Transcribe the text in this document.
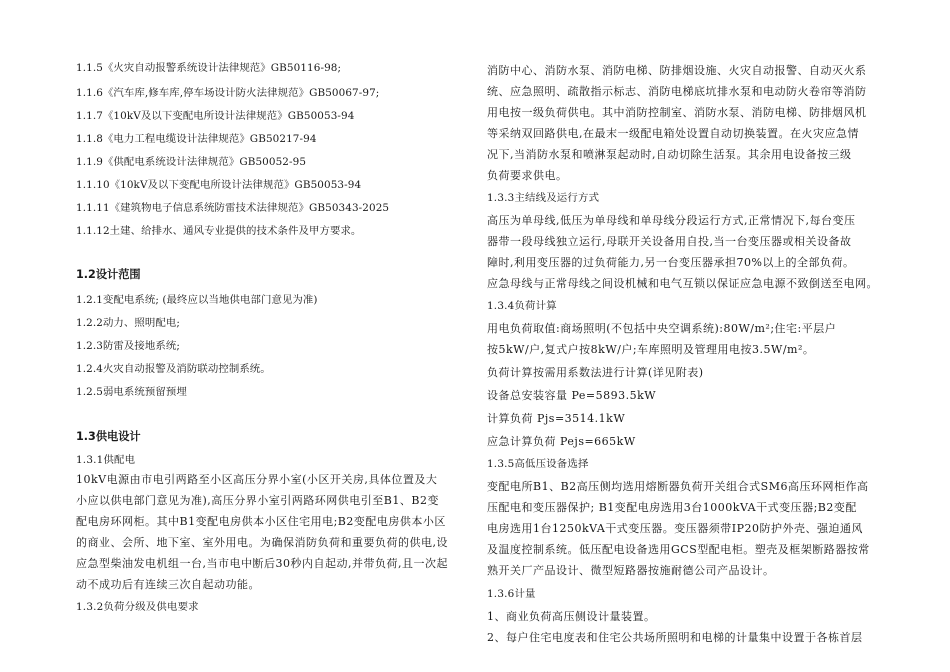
1.1.5《火灾自动报警系统设计法律规范》GB50116-98;
1.1.6《汽车库,修车库,停车场设计防火法律规范》GB50067-97;
1.1.7《10kV及以下变配电所设计法律规范》GB50053-94
1.1.8《电力工程电缆设计法律规范》GB50217-94
1.1.9《供配电系统设计法律规范》GB50052-95
1.1.10《10kV及以下变配电所设计法律规范》GB50053-94
1.1.11《建筑物电子信息系统防雷技术法律规范》GB50343-2025
1.1.12土建、给排水、通风专业提供的技术条件及甲方要求。
1.2设计范围
1.2.1变配电系统; (最终应以当地供电部门意见为准)
1.2.2动力、照明配电;
1.2.3防雷及接地系统;
1.2.4火灾自动报警及消防联动控制系统。
1.2.5弱电系统预留预埋
1.3供电设计
1.3.1供配电
10kV电源由市电引两路至小区高压分界小室(小区开关房,具体位置及大
小应以供电部门意见为准),高压分界小室引两路环网供电引至B1、B2变
配电房环网柜。其中B1变配电房供本小区住宅用电;B2变配电房供本小区
的商业、会所、地下室、室外用电。为确保消防负荷和重要负荷的供电,设
应急型柴油发电机组一台,当市电中断后30秒内自起动,并带负荷,且一次起
动不成功后有连续三次自起动功能。
1.3.2负荷分级及供电要求
消防中心、消防水泵、消防电梯、防排烟设施、火灾自动报警、自动灭火系
统、应急照明、疏散指示标志、消防电梯底坑排水泵和电动防火卷帘等消防
用电按一级负荷供电。其中消防控制室、消防水泵、消防电梯、防排烟风机
等采纳双回路供电,在最末一级配电箱处设置自动切换装置。在火灾应急情
况下,当消防水泵和喷淋泵起动时,自动切除生活泵。其余用电设备按三级
负荷要求供电。
1.3.3主结线及运行方式
高压为单母线,低压为单母线和单母线分段运行方式,正常情况下,每台变压
器带一段母线独立运行,母联开关设备用自投,当一台变压器或相关设备故
障时,利用变压器的过负荷能力,另一台变压器承担70%以上的全部负荷。
应急母线与正常母线之间设机械和电气互锁以保证应急电源不致倒送至电网。
1.3.4负荷计算
用电负荷取值:商场照明(不包括中央空调系统):80W/m²;住宅:平层户
按5kW/户,复式户按8kW/户;车库照明及管理用电按3.5W/m²。
负荷计算按需用系数法进行计算(详见附表)
设备总安装容量 Pe=5893.5kW
计算负荷 Pjs=3514.1kW
应急计算负荷 Pejs=665kW
1.3.5高低压设备选择
变配电所B1、B2高压侧均选用熔断器负荷开关组合式SM6高压环网柜作高
压配电和变压器保护; B1变配电房选用3台1000kVA干式变压器;B2变配
电房选用1台1250kVA干式变压器。变压器须带IP20防护外壳、强迫通风
及温度控制系统。低压配电设备选用GCS型配电柜。塑壳及框架断路器按常
熟开关厂产品设计、微型短路器按施耐德公司产品设计。
1.3.6计量
1、商业负荷高压侧设计量装置。
2、每户住宅电度表和住宅公共场所照明和电梯的计量集中设置于各栋首层
